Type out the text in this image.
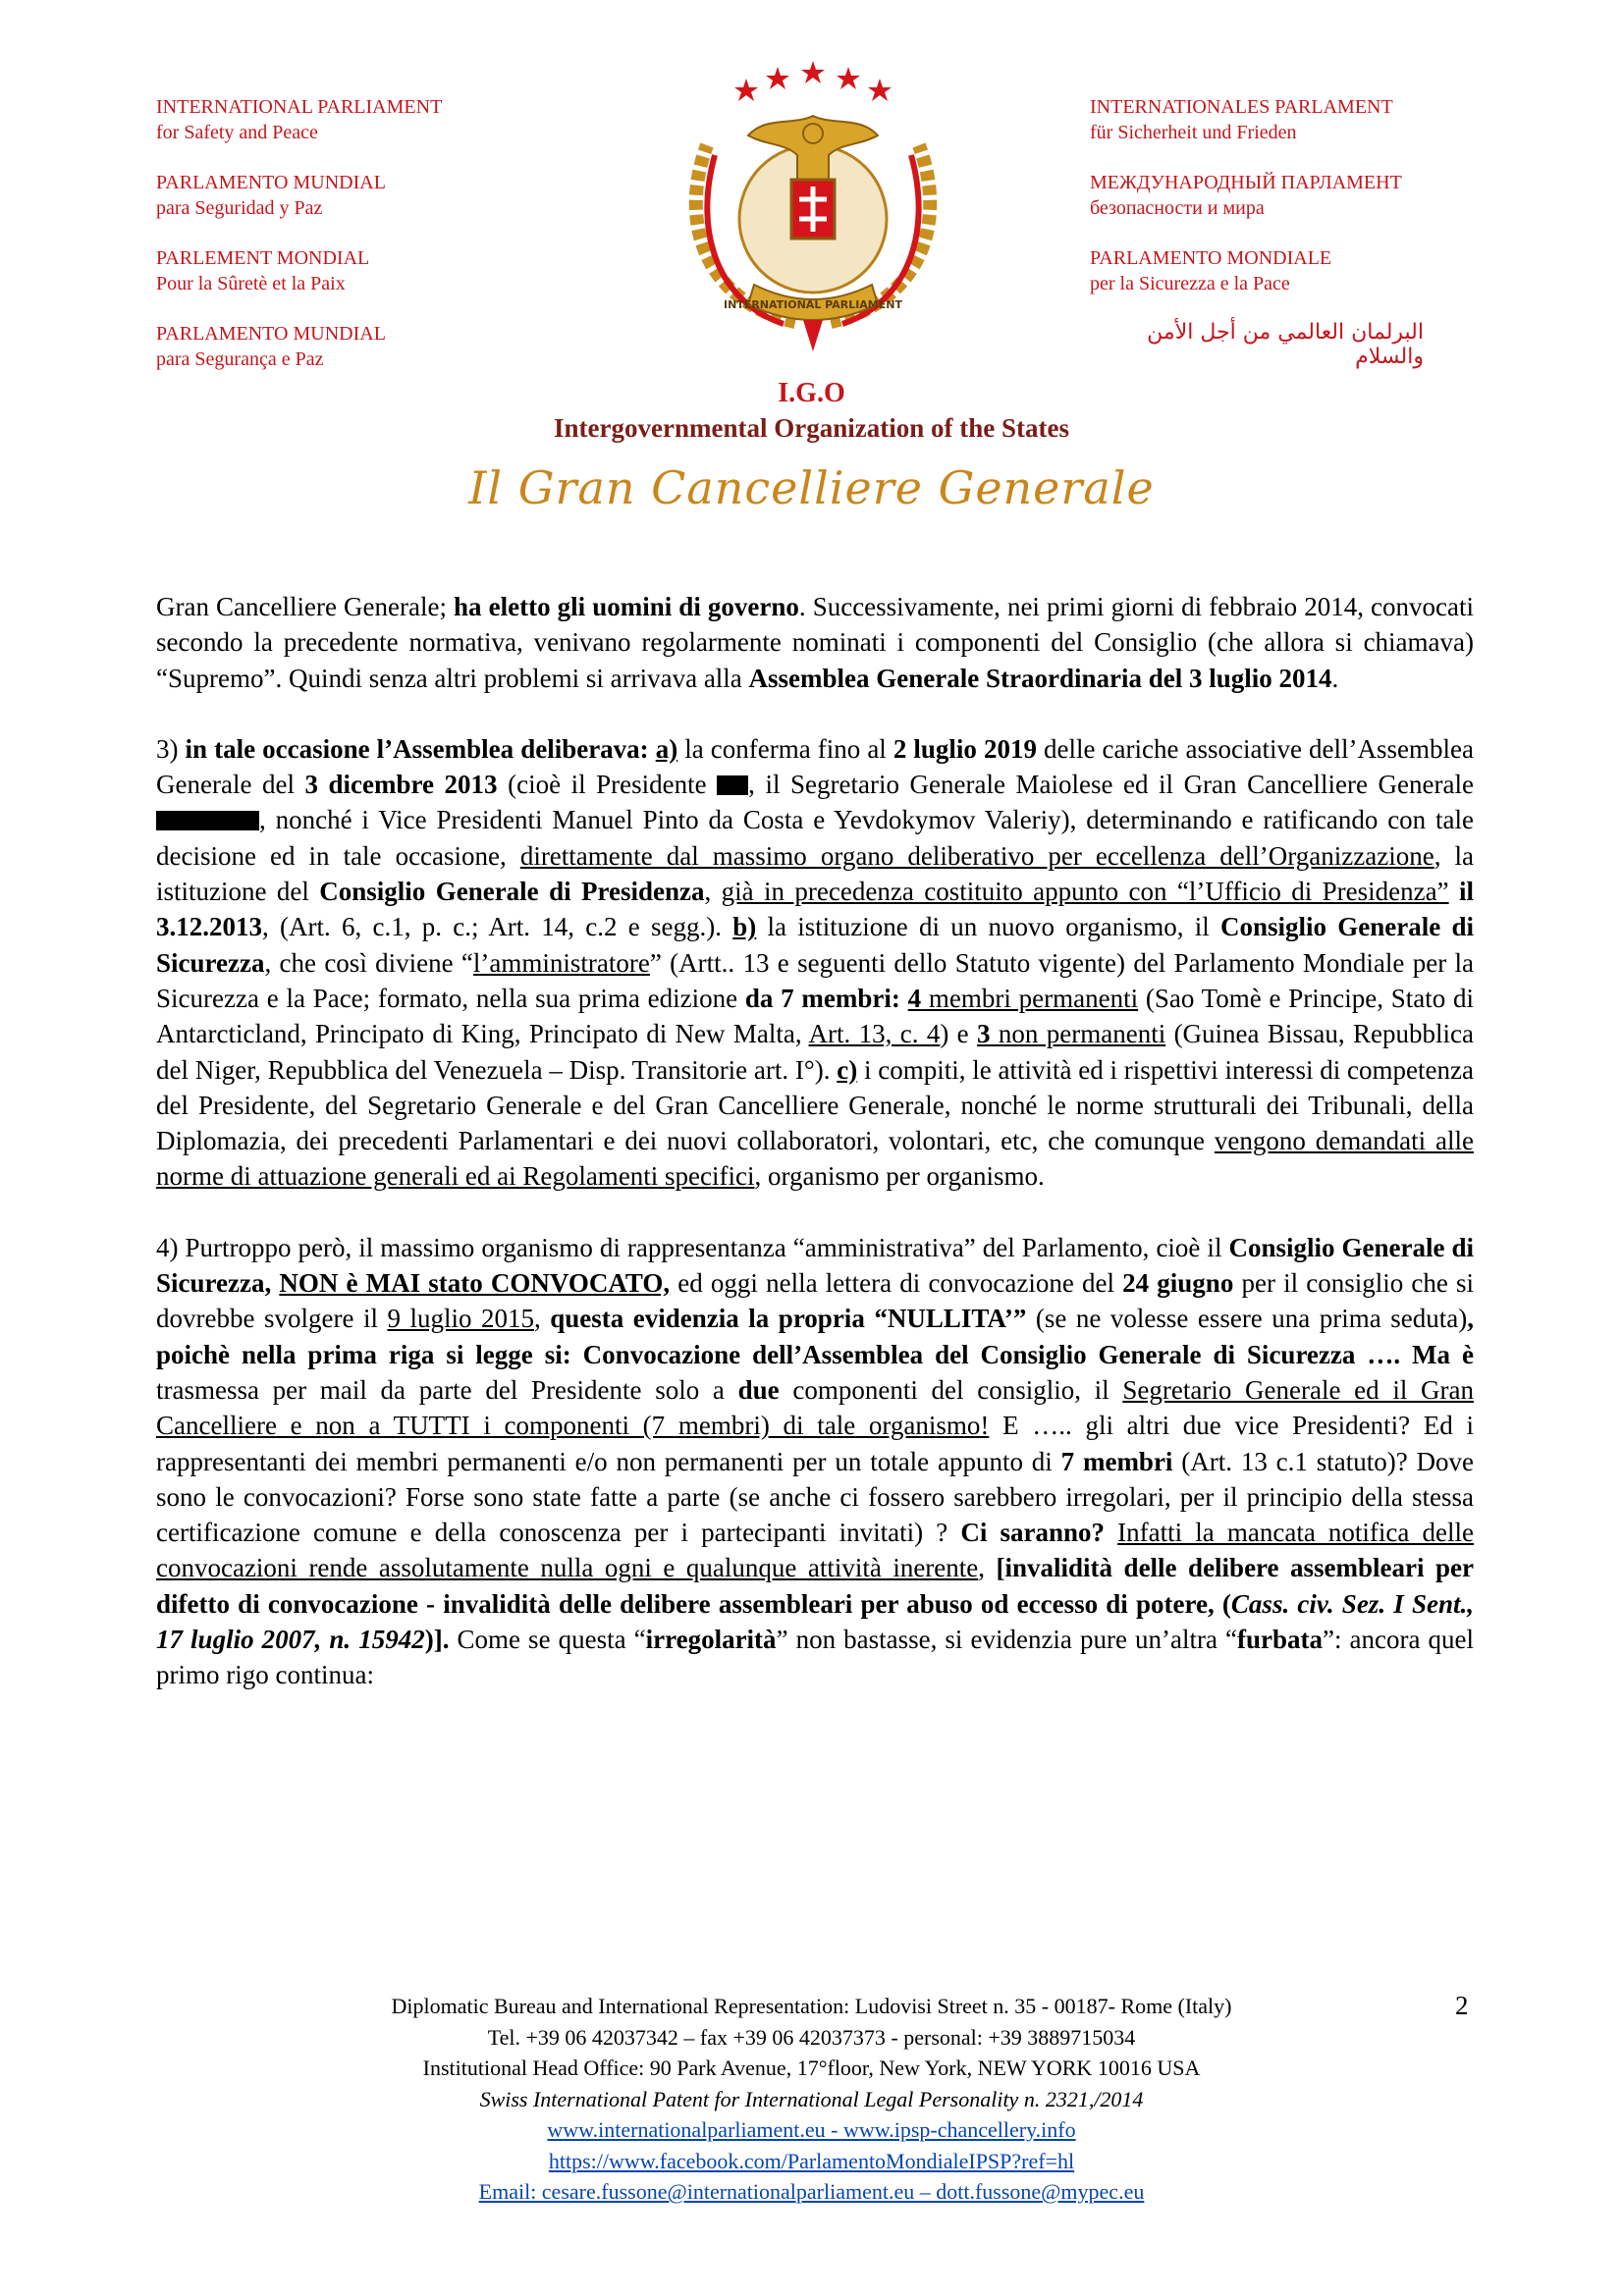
INTERNATIONAL PARLIAMENT
for Safety and Peace
PARLAMENTO MUNDIAL
para Seguridad y Paz
PARLEMENT MONDIAL
Pour la Sûretè et la Paix
PARLAMENTO MUNDIAL
para Segurança e Paz
INTERNATIONALES PARLAMENT
für Sicherheit und Frieden
МЕЖДУНАРОДНЫЙ ПАРЛАМЕНТ
безопасности и мира
PARLAMENTO MONDIALE
per la Sicurezza e la Pace
البرلمان العالمي من أجل الأمن والسلام
INTERNATIONAL PARLIAMENT
I.G.O
Intergovernmental Organization of the States
Il Gran Cancelliere Generale

Gran Cancelliere Generale; ha eletto gli uomini di governo. Successivamente, nei primi giorni di febbraio 2014, convocati secondo la precedente normativa, venivano regolarmente nominati i componenti del Consiglio (che allora si chiamava) “Supremo”. Quindi senza altri problemi si arrivava alla Assemblea Generale Straordinaria del 3 luglio 2014.

3) in tale occasione l’Assemblea deliberava: a) la conferma fino al 2 luglio 2019 delle cariche associative dell’Assemblea Generale del 3 dicembre 2013 (cioè il Presidente , il Segretario Generale Maiolese ed il Gran Cancelliere Generale , nonché i Vice Presidenti Manuel Pinto da Costa e Yevdokymov Valeriy), determinando e ratificando con tale decisione ed in tale occasione, direttamente dal massimo organo deliberativo per eccellenza dell’Organizzazione, la istituzione del Consiglio Generale di Presidenza, già in precedenza costituito appunto con “l’Ufficio di Presidenza” il 3.12.2013, (Art. 6, c.1, p. c.; Art. 14, c.2 e segg.). b) la istituzione di un nuovo organismo, il Consiglio Generale di Sicurezza, che così diviene “l’amministratore” (Artt.. 13 e seguenti dello Statuto vigente) del Parlamento Mondiale per la Sicurezza e la Pace; formato, nella sua prima edizione da 7 membri: 4 membri permanenti (Sao Tomè e Principe, Stato di Antarcticland, Principato di King, Principato di New Malta, Art. 13, c. 4) e 3 non permanenti (Guinea Bissau, Repubblica del Niger, Repubblica del Venezuela – Disp. Transitorie art. I°). c) i compiti, le attività ed i rispettivi interessi di competenza del Presidente, del Segretario Generale e del Gran Cancelliere Generale, nonché le norme strutturali dei Tribunali, della Diplomazia, dei precedenti Parlamentari e dei nuovi collaboratori, volontari, etc, che comunque vengono demandati alle norme di attuazione generali ed ai Regolamenti specifici, organismo per organismo.

4) Purtroppo però, il massimo organismo di rappresentanza “amministrativa” del Parlamento, cioè il Consiglio Generale di Sicurezza, NON è MAI stato CONVOCATO, ed oggi nella lettera di convocazione del 24 giugno per il consiglio che si dovrebbe svolgere il 9 luglio 2015, questa evidenzia la propria “NULLITA’” (se ne volesse essere una prima seduta), poichè nella prima riga si legge si: Convocazione dell’Assemblea del Consiglio Generale di Sicurezza …. Ma è trasmessa per mail da parte del Presidente solo a due componenti del consiglio, il Segretario Generale ed il Gran Cancelliere e non a TUTTI i componenti (7 membri) di tale organismo! E ….. gli altri due vice Presidenti? Ed i rappresentanti dei membri permanenti e/o non permanenti per un totale appunto di 7 membri (Art. 13 c.1 statuto)? Dove sono le convocazioni? Forse sono state fatte a parte (se anche ci fossero sarebbero irregolari, per il principio della stessa certificazione comune e della conoscenza per i partecipanti invitati) ? Ci saranno? Infatti la mancata notifica delle convocazioni rende assolutamente nulla ogni e qualunque attività inerente, [invalidità delle delibere assembleari per difetto di convocazione - invalidità delle delibere assembleari per abuso od eccesso di potere, (Cass. civ. Sez. I Sent., 17 luglio 2007, n. 15942)]. Come se questa “irregolarità” non bastasse, si evidenzia pure un’altra “furbata”: ancora quel primo rigo continua:

Diplomatic Bureau and International Representation: Ludovisi Street n. 35 - 00187- Rome (Italy)
Tel. +39 06 42037342 – fax +39 06 42037373 - personal: +39 3889715034
Institutional Head Office: 90 Park Avenue, 17°floor, New York, NEW YORK 10016 USA
Swiss International Patent for International Legal Personality n. 2321,/2014
www.internationalparliament.eu - www.ipsp-chancellery.info
https://www.facebook.com/ParlamentoMondialeIPSP?ref=hl
Email: cesare.fussone@internationalparliament.eu – dott.fussone@mypec.eu
2
